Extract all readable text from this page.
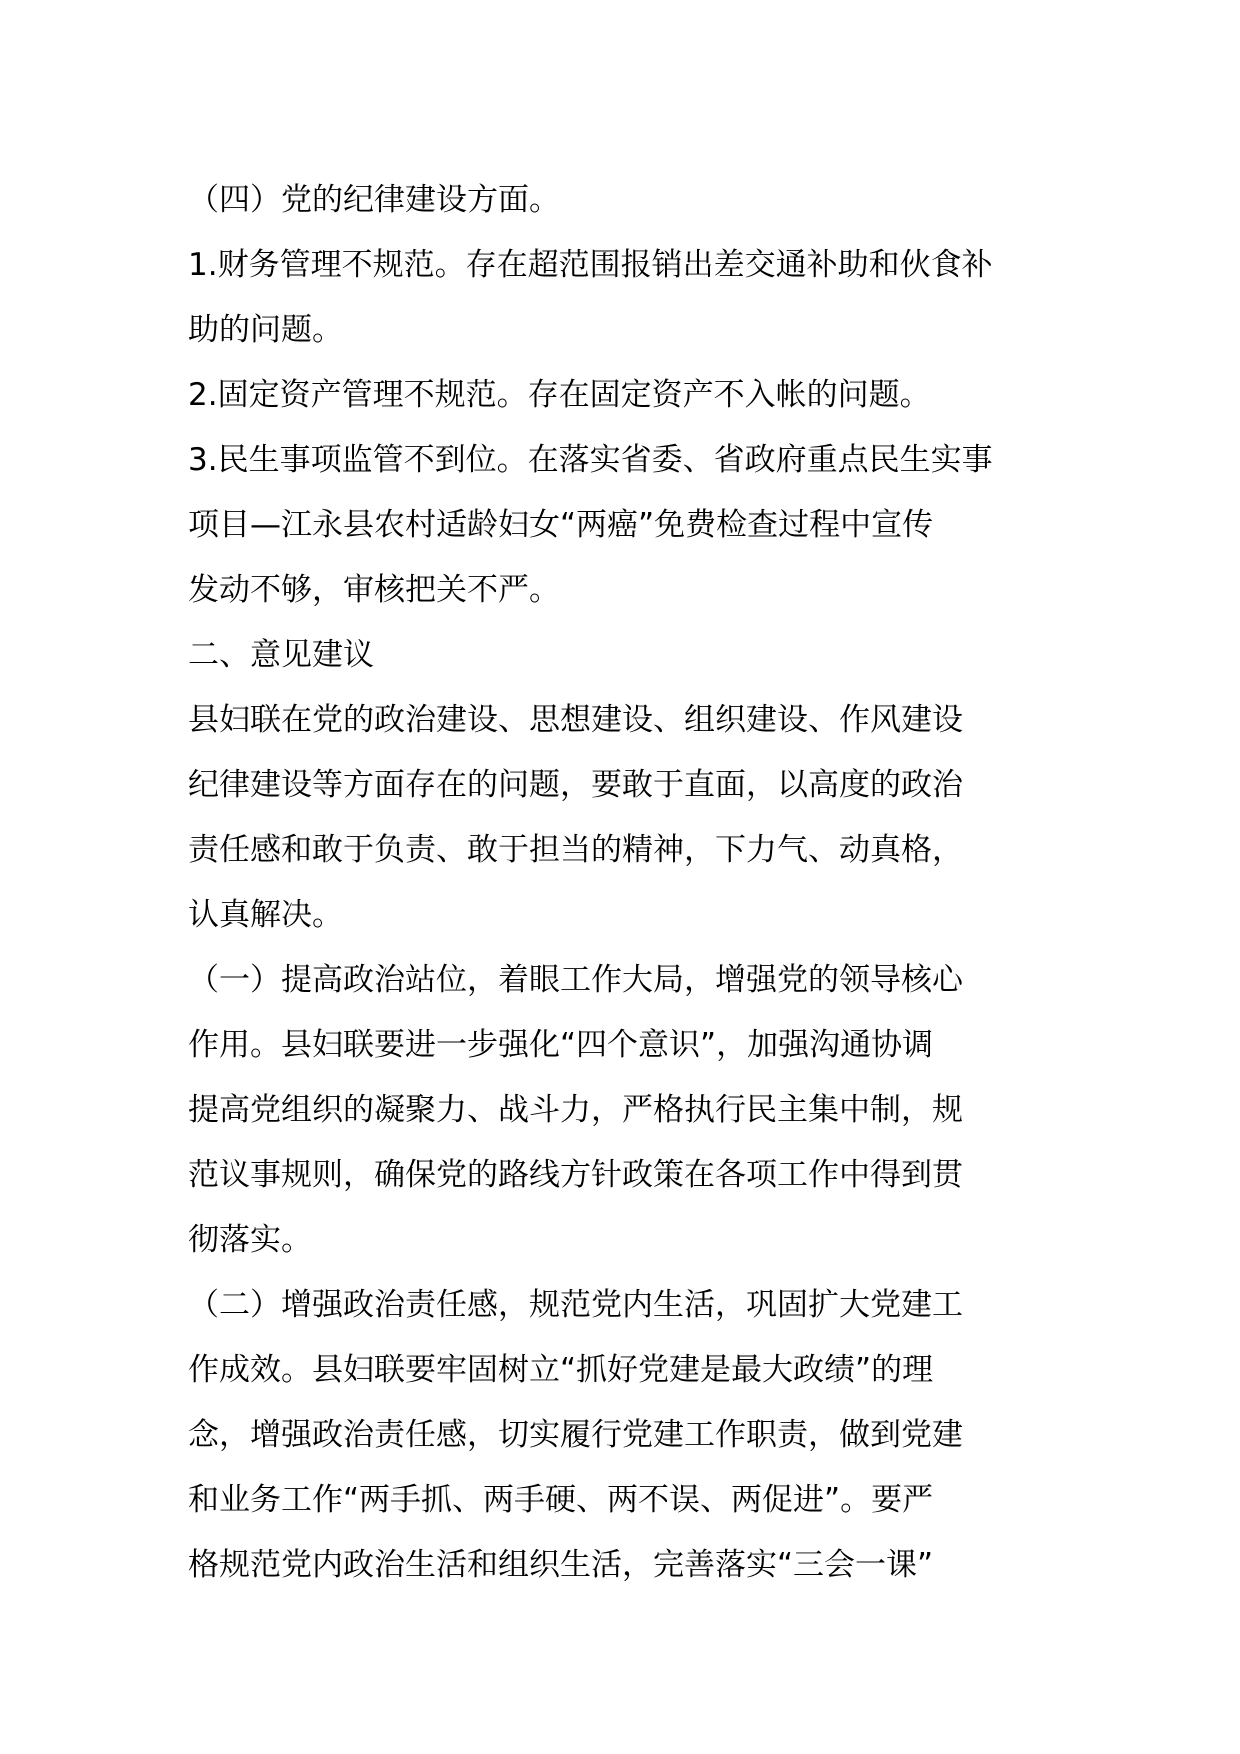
（四）党的纪律建设方面。
1.财务管理不规范。存在超范围报销出差交通补助和伙食补
助的问题。
2.固定资产管理不规范。存在固定资产不入帐的问题。
3.民生事项监管不到位。在落实省委、省政府重点民生实事
项目—江永县农村适龄妇女“两癌”免费检查过程中宣传
发动不够，审核把关不严。
二、意见建议
县妇联在党的政治建设、思想建设、组织建设、作风建设
纪律建设等方面存在的问题，要敢于直面，以高度的政治
责任感和敢于负责、敢于担当的精神，下力气、动真格，
认真解决。
（一）提高政治站位，着眼工作大局，增强党的领导核心
作用。县妇联要进一步强化“四个意识”，加强沟通协调
提高党组织的凝聚力、战斗力，严格执行民主集中制，规
范议事规则，确保党的路线方针政策在各项工作中得到贯
彻落实。
（二）增强政治责任感，规范党内生活，巩固扩大党建工
作成效。县妇联要牢固树立“抓好党建是最大政绩”的理
念，增强政治责任感，切实履行党建工作职责，做到党建
和业务工作“两手抓、两手硬、两不误、两促进”。要严
格规范党内政治生活和组织生活，完善落实“三会一课”
